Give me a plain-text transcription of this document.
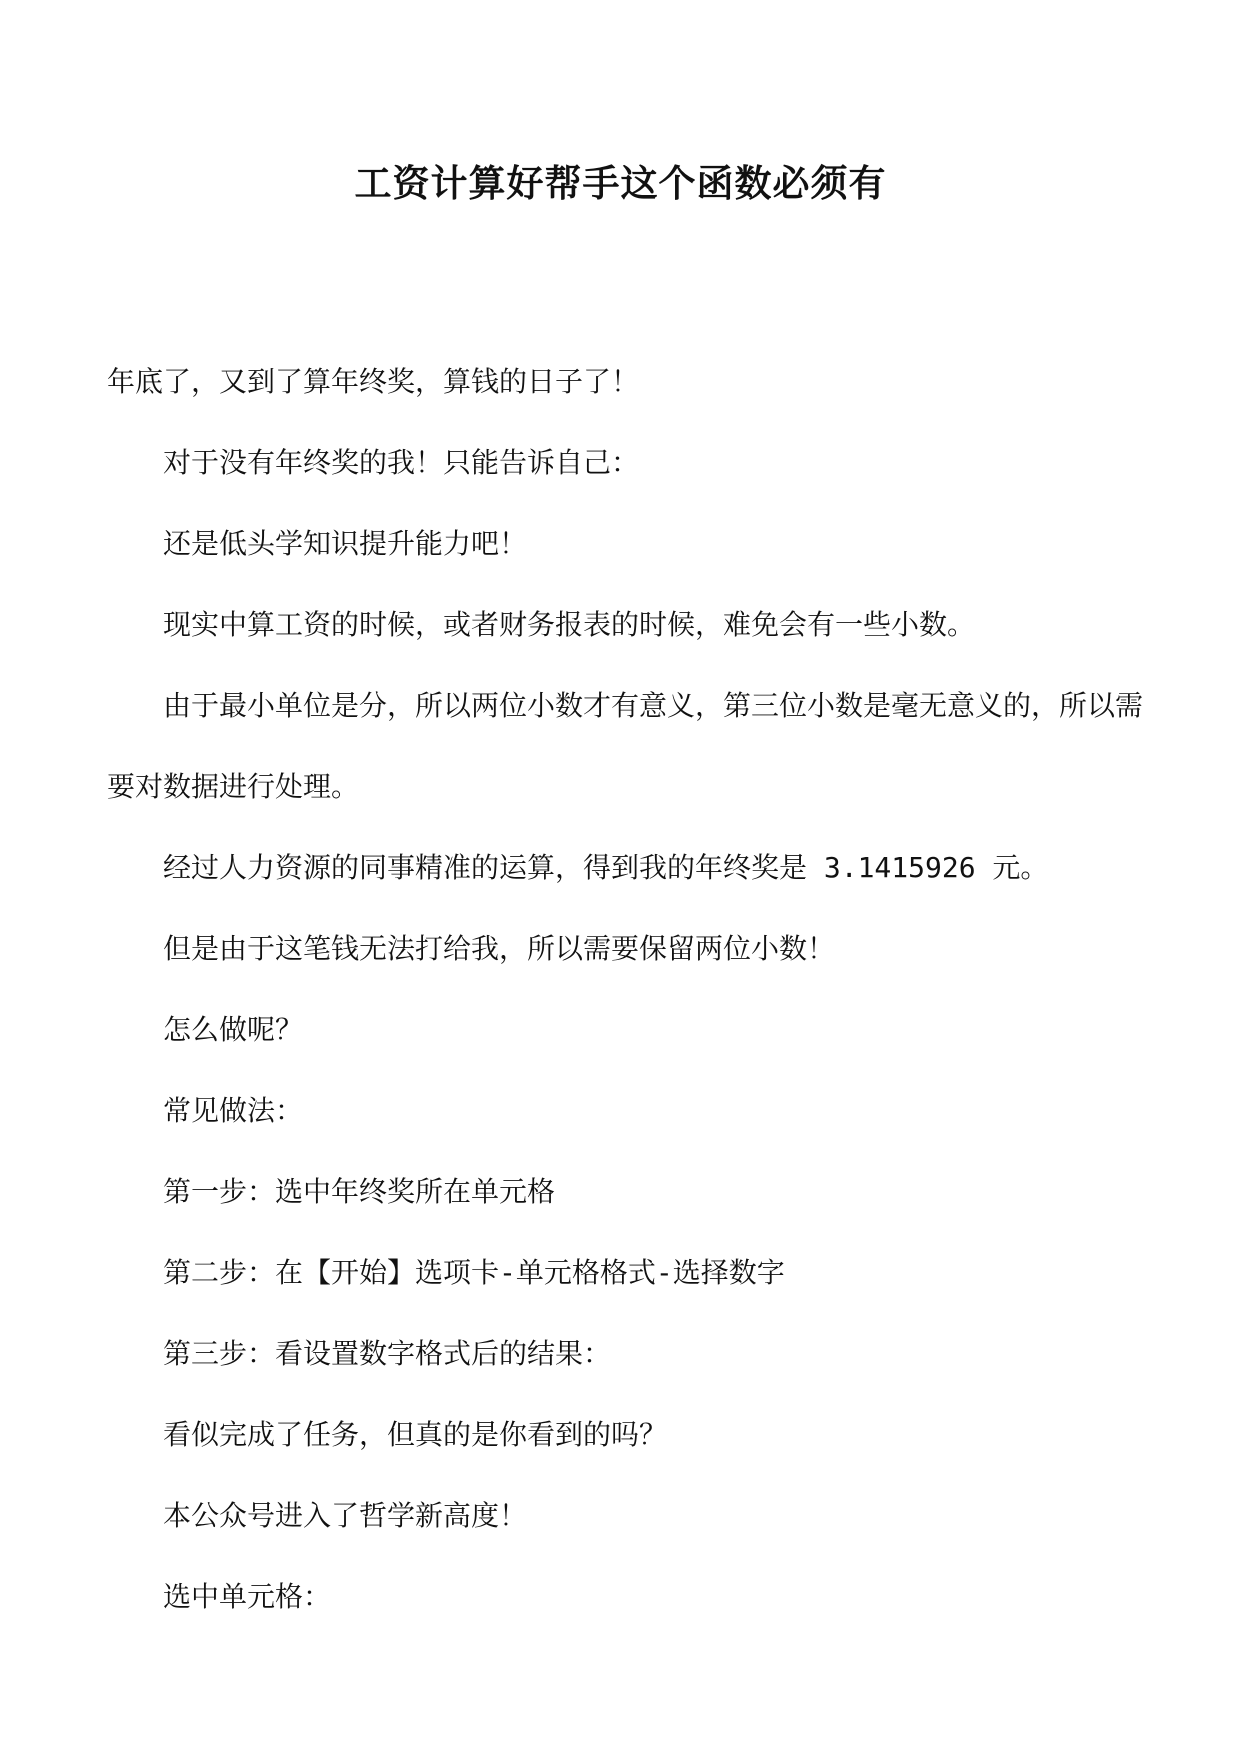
工资计算好帮手这个函数必须有

年底了，又到了算年终奖，算钱的日子了！

对于没有年终奖的我！只能告诉自己：

还是低头学知识提升能力吧！

现实中算工资的时候，或者财务报表的时候，难免会有一些小数。

由于最小单位是分，所以两位小数才有意义，第三位小数是毫无意义的，所以需要对数据进行处理。

经过人力资源的同事精准的运算，得到我的年终奖是 3.1415926 元。

但是由于这笔钱无法打给我，所以需要保留两位小数！

怎么做呢？

常见做法：

第一步：选中年终奖所在单元格

第二步：在【开始】选项卡-单元格格式-选择数字

第三步：看设置数字格式后的结果：

看似完成了任务，但真的是你看到的吗？

本公众号进入了哲学新高度！

选中单元格：
